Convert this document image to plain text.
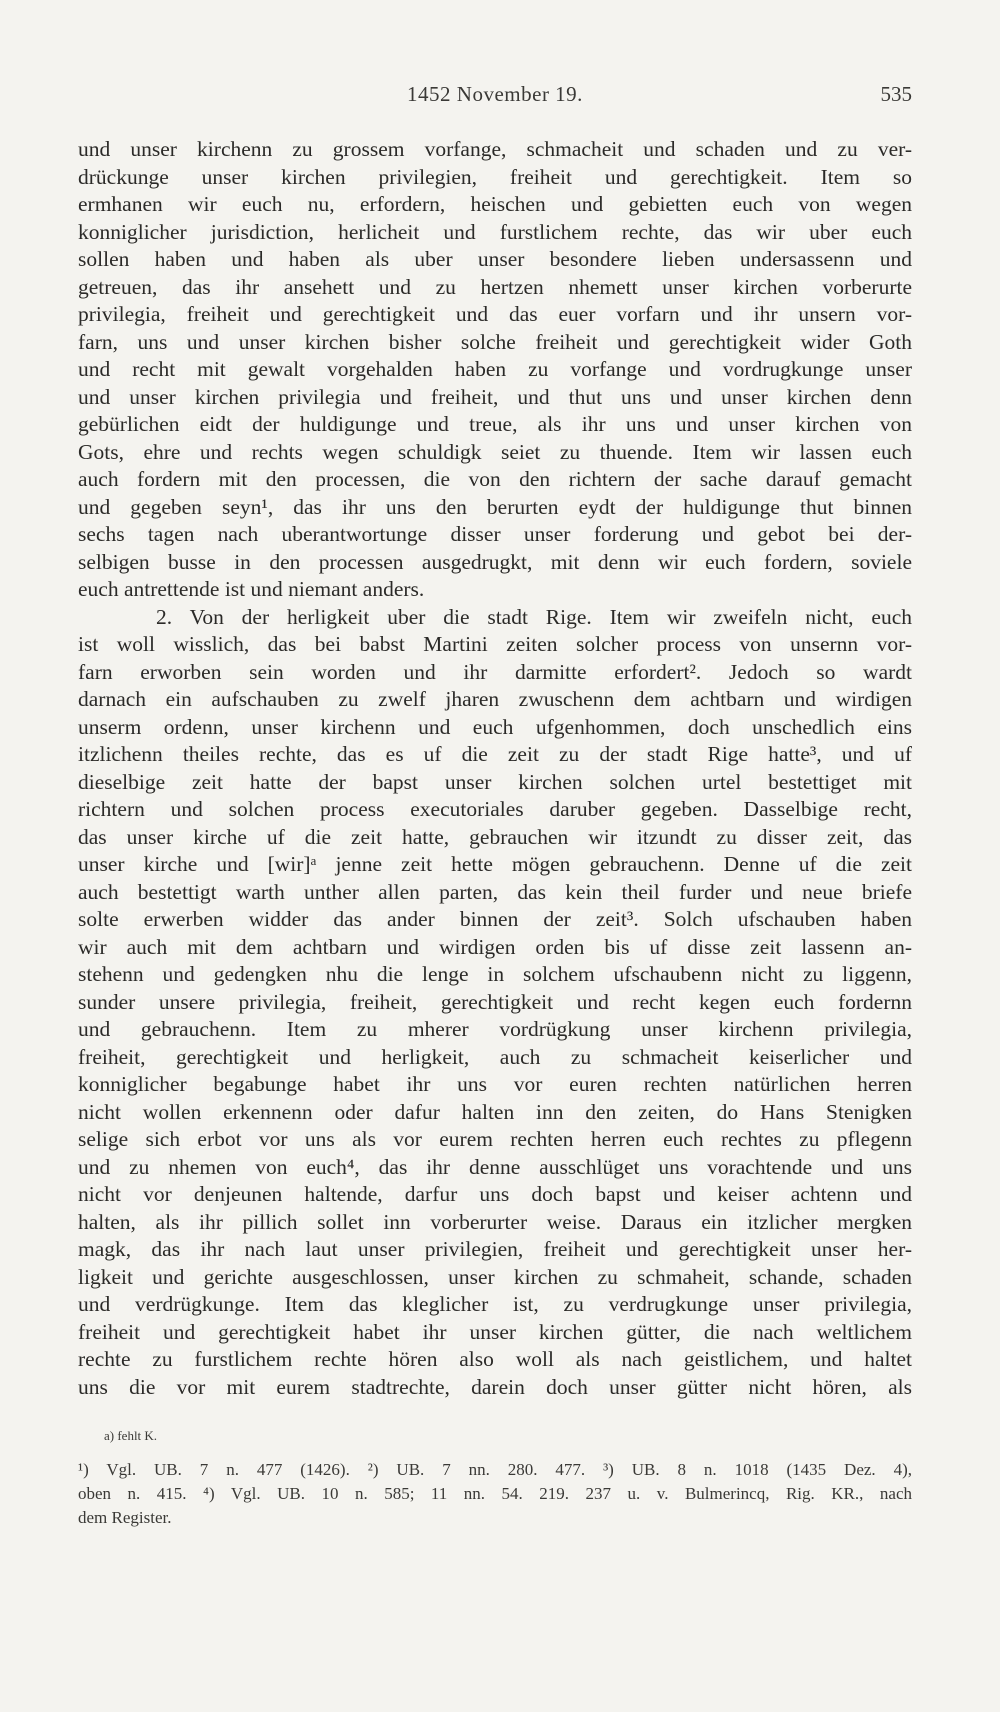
1452 November 19.	535
und unser kirchenn zu grossem vorfange, schmacheit und schaden und zu ver-
drückunge unser kirchen privilegien, freiheit und gerechtigkeit. Item so
ermhanen wir euch nu, erfordern, heischen und gebietten euch von wegen
konniglicher jurisdiction, herlicheit und furstlichem rechte, das wir uber euch
sollen haben und haben als uber unser besondere lieben undersassenn und
getreuen, das ihr ansehett und zu hertzen nhemett unser kirchen vorberurte
privilegia, freiheit und gerechtigkeit und das euer vorfarn und ihr unsern vor-
farn, uns und unser kirchen bisher solche freiheit und gerechtigkeit wider Goth
und recht mit gewalt vorgehalden haben zu vorfange und vordrugkunge unser
und unser kirchen privilegia und freiheit, und thut uns und unser kirchen denn
gebürlichen eidt der huldigunge und treue, als ihr uns und unser kirchen von
Gots, ehre und rechts wegen schuldigk seiet zu thuende. Item wir lassen euch
auch fordern mit den processen, die von den richtern der sache darauf gemacht
und gegeben seyn¹, das ihr uns den berurten eydt der huldigunge thut binnen
sechs tagen nach uberantwortunge disser unser forderung und gebot bei der-
selbigen busse in den processen ausgedrugkt, mit denn wir euch fordern, soviele
euch antrettende ist und niemant anders.
2. Von der herligkeit uber die stadt Rige. Item wir zweifeln nicht, euch
ist woll wisslich, das bei babst Martini zeiten solcher process von unsernn vor-
farn erworben sein worden und ihr darmitte erfordert². Jedoch so wardt
darnach ein aufschauben zu zwelf jharen zwuschenn dem achtbarn und wirdigen
unserm ordenn, unser kirchenn und euch ufgenhommen, doch unschedlich eins
itzlichenn theiles rechte, das es uf die zeit zu der stadt Rige hatte³, und uf
dieselbige zeit hatte der bapst unser kirchen solchen urtel bestettiget mit
richtern und solchen process executoriales daruber gegeben. Dasselbige recht,
das unser kirche uf die zeit hatte, gebrauchen wir itzundt zu disser zeit, das
unser kirche und [wir]ᵃ jenne zeit hette mögen gebrauchenn. Denne uf die zeit
auch bestettigt warth unther allen parten, das kein theil furder und neue briefe
solte erwerben widder das ander binnen der zeit³. Solch ufschauben haben
wir auch mit dem achtbarn und wirdigen orden bis uf disse zeit lassenn an-
stehenn und gedengken nhu die lenge in solchem ufschaubenn nicht zu liggenn,
sunder unsere privilegia, freiheit, gerechtigkeit und recht kegen euch fordernn
und gebrauchenn. Item zu mherer vordrügkung unser kirchenn privilegia,
freiheit, gerechtigkeit und herligkeit, auch zu schmacheit keiserlicher und
konniglicher begabunge habet ihr uns vor euren rechten natürlichen herren
nicht wollen erkennenn oder dafur halten inn den zeiten, do Hans Stenigken
selige sich erbot vor uns als vor eurem rechten herren euch rechtes zu pflegenn
und zu nhemen von euch⁴, das ihr denne ausschlüget uns vorachtende und uns
nicht vor denjeunen haltende, darfur uns doch bapst und keiser achtenn und
halten, als ihr pillich sollet inn vorberurter weise. Daraus ein itzlicher mergken
magk, das ihr nach laut unser privilegien, freiheit und gerechtigkeit unser her-
ligkeit und gerichte ausgeschlossen, unser kirchen zu schmaheit, schande, schaden
und verdrügkunge. Item das kleglicher ist, zu verdrugkunge unser privilegia,
freiheit und gerechtigkeit habet ihr unser kirchen gütter, die nach weltlichem
rechte zu furstlichem rechte hören also woll als nach geistlichem, und haltet
uns die vor mit eurem stadtrechte, darein doch unser gütter nicht hören, als
a) fehlt K.
¹) Vgl. UB. 7 n. 477 (1426). ²) UB. 7 nn. 280. 477. ³) UB. 8 n. 1018 (1435 Dez. 4),
oben n. 415. ⁴) Vgl. UB. 10 n. 585; 11 nn. 54. 219. 237 u. v. Bulmerincq, Rig. KR., nach
dem Register.
